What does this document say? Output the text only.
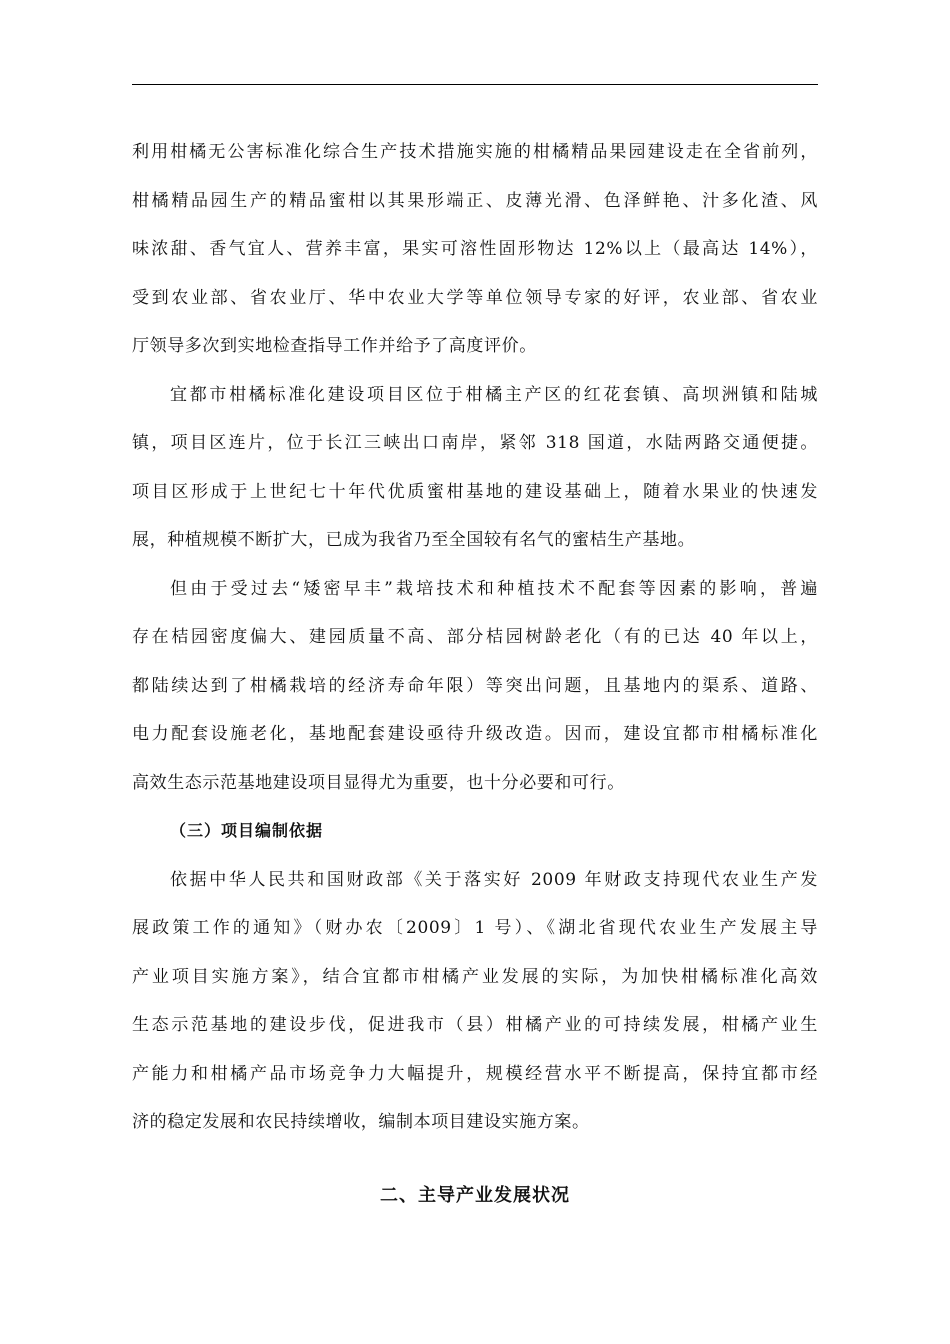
利用柑橘无公害标准化综合生产技术措施实施的柑橘精品果园建设走在全省前列，
柑橘精品园生产的精品蜜柑以其果形端正、皮薄光滑、色泽鲜艳、汁多化渣、风
味浓甜、香气宜人、营养丰富，果实可溶性固形物达 12%以上（最高达 14%），
受到农业部、省农业厅、华中农业大学等单位领导专家的好评，农业部、省农业
厅领导多次到实地检查指导工作并给予了高度评价。
宜都市柑橘标准化建设项目区位于柑橘主产区的红花套镇、高坝洲镇和陆城
镇，项目区连片，位于长江三峡出口南岸，紧邻 318 国道，水陆两路交通便捷。
项目区形成于上世纪七十年代优质蜜柑基地的建设基础上，随着水果业的快速发
展，种植规模不断扩大，已成为我省乃至全国较有名气的蜜桔生产基地。
但由于受过去“矮密早丰”栽培技术和种植技术不配套等因素的影响，普遍
存在桔园密度偏大、建园质量不高、部分桔园树龄老化（有的已达 40 年以上，
都陆续达到了柑橘栽培的经济寿命年限）等突出问题，且基地内的渠系、道路、
电力配套设施老化，基地配套建设亟待升级改造。因而，建设宜都市柑橘标准化
高效生态示范基地建设项目显得尤为重要，也十分必要和可行。
（三）项目编制依据
依据中华人民共和国财政部《关于落实好 2009 年财政支持现代农业生产发
展政策工作的通知》（财办农〔2009〕1 号）、《湖北省现代农业生产发展主导
产业项目实施方案》，结合宜都市柑橘产业发展的实际，为加快柑橘标准化高效
生态示范基地的建设步伐，促进我市（县）柑橘产业的可持续发展，柑橘产业生
产能力和柑橘产品市场竞争力大幅提升，规模经营水平不断提高，保持宜都市经
济的稳定发展和农民持续增收，编制本项目建设实施方案。
二、主导产业发展状况
